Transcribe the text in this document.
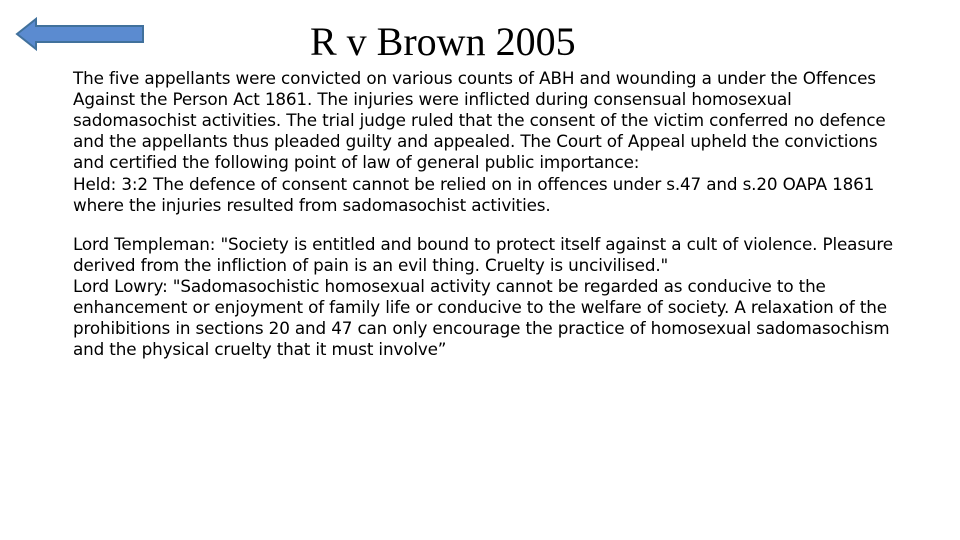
R v Brown 2005

The five appellants were convicted on various counts of ABH and wounding a under the Offences Against the Person Act 1861. The injuries were inflicted during consensual homosexual sadomasochist activities. The trial judge ruled that the consent of the victim conferred no defence and the appellants thus pleaded guilty and appealed. The Court of Appeal upheld the convictions and certified the following point of law of general public importance:

Held: 3:2 The defence of consent cannot be relied on in offences under s.47 and s.20 OAPA 1861 where the injuries resulted from sadomasochist activities.

Lord Templeman: "Society is entitled and bound to protect itself against a cult of violence. Pleasure derived from the infliction of pain is an evil thing. Cruelty is uncivilised."

Lord Lowry: "Sadomasochistic homosexual activity cannot be regarded as conducive to the enhancement or enjoyment of family life or conducive to the welfare of society. A relaxation of the prohibitions in sections 20 and 47 can only encourage the practice of homosexual sadomasochism and the physical cruelty that it must involve”
